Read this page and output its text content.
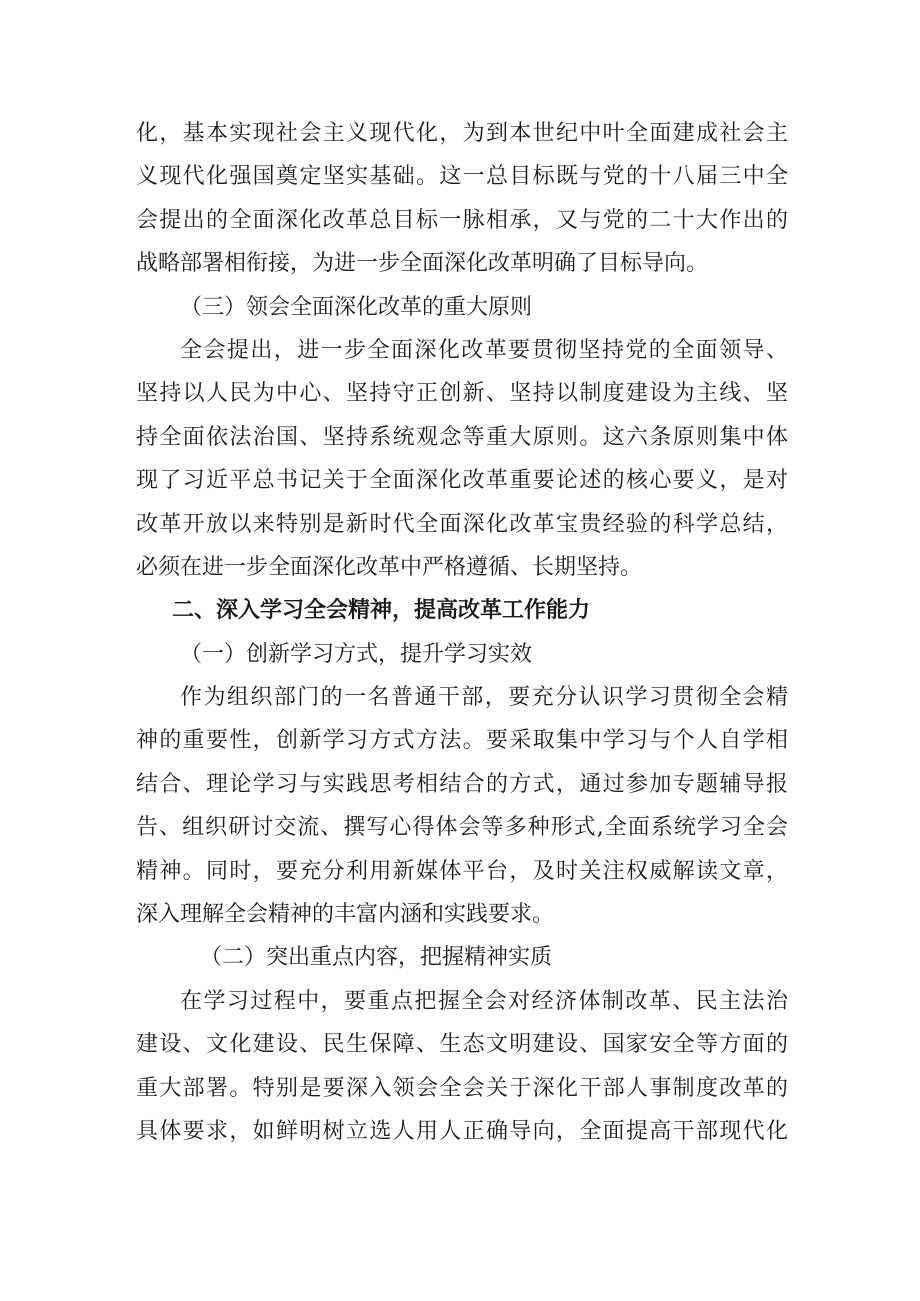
化，基本实现社会主义现代化，为到本世纪中叶全面建成社会主
义现代化强国奠定坚实基础。这一总目标既与党的十八届三中全
会提出的全面深化改革总目标一脉相承，又与党的二十大作出的
战略部署相衔接，为进一步全面深化改革明确了目标导向。
（三）领会全面深化改革的重大原则
全会提出，进一步全面深化改革要贯彻坚持党的全面领导、
坚持以人民为中心、坚持守正创新、坚持以制度建设为主线、坚
持全面依法治国、坚持系统观念等重大原则。这六条原则集中体
现了习近平总书记关于全面深化改革重要论述的核心要义，是对
改革开放以来特别是新时代全面深化改革宝贵经验的科学总结，
必须在进一步全面深化改革中严格遵循、长期坚持。
二、深入学习全会精神，提高改革工作能力
（一）创新学习方式，提升学习实效
作为组织部门的一名普通干部，要充分认识学习贯彻全会精
神的重要性，创新学习方式方法。要采取集中学习与个人自学相
结合、理论学习与实践思考相结合的方式，通过参加专题辅导报
告、组织研讨交流、撰写心得体会等多种形式,全面系统学习全会
精神。同时，要充分利用新媒体平台，及时关注权威解读文章，
深入理解全会精神的丰富内涵和实践要求。
（二）突出重点内容，把握精神实质
在学习过程中，要重点把握全会对经济体制改革、民主法治
建设、文化建设、民生保障、生态文明建设、国家安全等方面的
重大部署。特别是要深入领会全会关于深化干部人事制度改革的
具体要求，如鲜明树立选人用人正确导向，全面提高干部现代化
